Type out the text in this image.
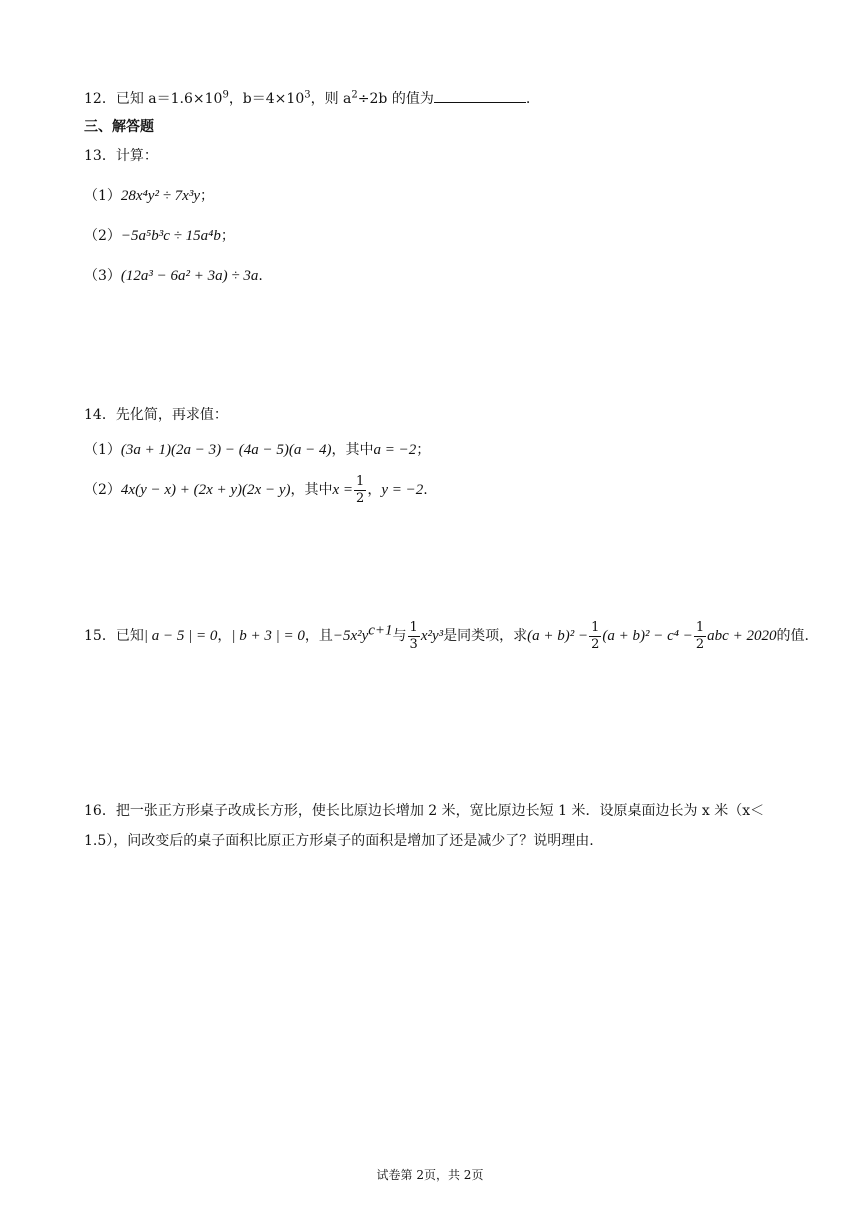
12．已知 $a=1.6\times 10^9$，$b=4\times 10^3$，则 $a^2\div 2b$ 的值为	.
三、解答题
13．计算：
（1）28x⁴y² ÷ 7x³y；
（2）−5a⁵b³c ÷ 15a⁴b；
（3）(12a³ − 6a² + 3a) ÷ 3a.
14．先化简，再求值：
（1）(3a + 1)(2a − 3) − (4a − 5)(a − 4)，其中a = −2；
（2）4x(y − x) + (2x + y)(2x − y)，其中$x = \frac{1}{2}$ ，y = −2.
15．已知| a − 5 | = 0，| b + 3 | = 0，且$-5x^2y^{c+1}$与 $\frac{1}{3} x^2y^3$是同类项，求$(a + b)^2 - \frac{1}{2} (a + b)^2 - c^4 - \frac{1}{2}$ abc + 2020的值.
16．把一张正方形桌子改成长方形，使长比原边长增加 2 米，宽比原边长短 1 米．设原桌面边长为 x 米（x＜1.5），问改变后的桌子面积比原正方形桌子的面积是增加了还是减少了？说明理由.
试卷第 2页，共 2页
